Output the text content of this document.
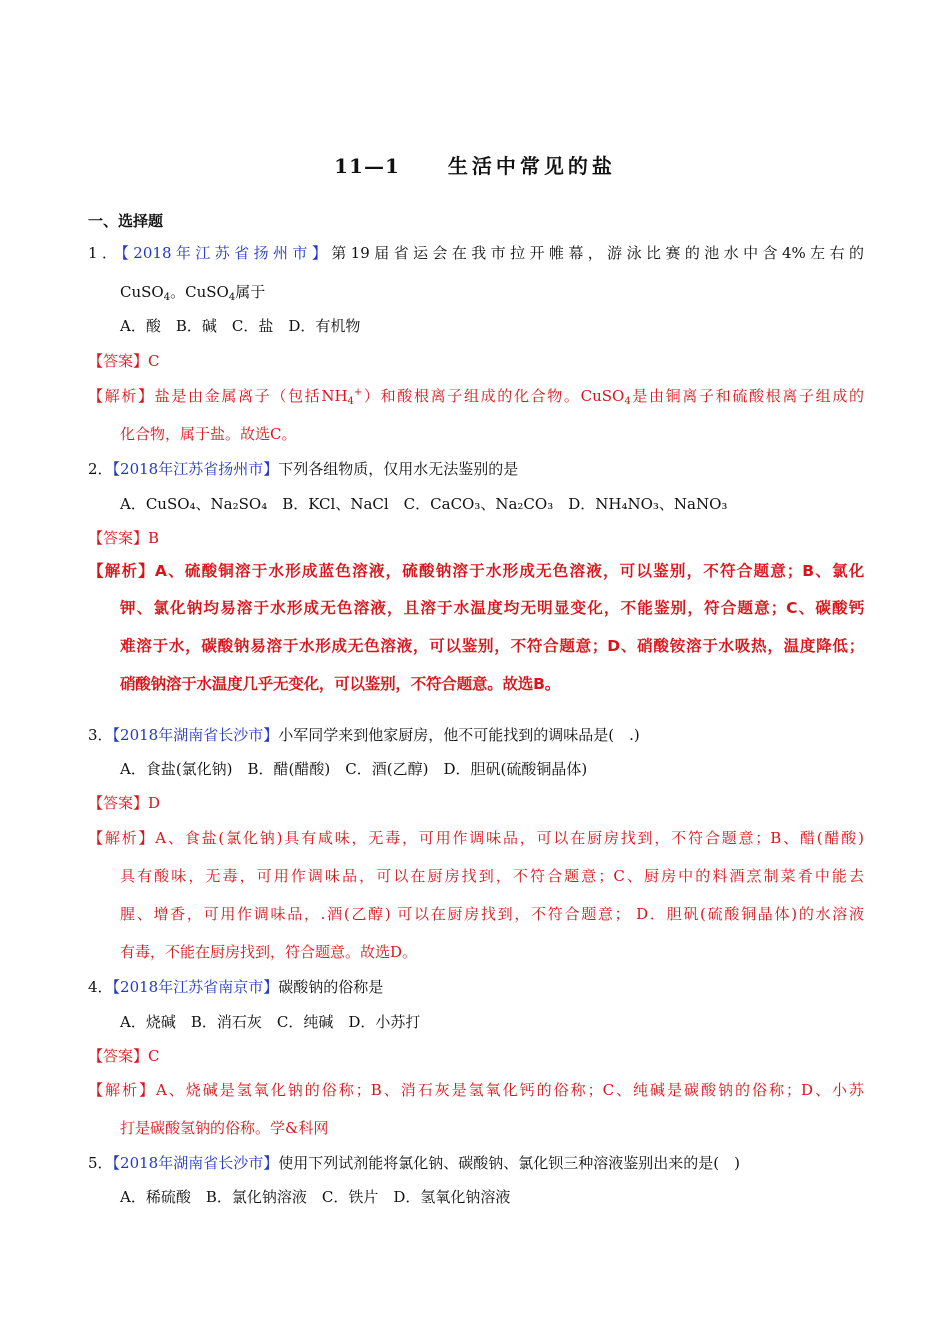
11—1 生活中常见的盐
一、选择题
1．【2018年江苏省扬州市】第19届省运会在我市拉开帷幕，游泳比赛的池水中含4%左右的
CuSO$_4$。CuSO$_4$属于
A．酸　B．碱　C．盐　D．有机物
【答案】C
【解析】盐是由金属离子（包括$NH_4^+$）和酸根离子组成的化合物。CuSO$_4$是由铜离子和硫酸根离子组成的
化合物，属于盐。故选C。
2．【2018年江苏省扬州市】下列各组物质，仅用水无法鉴别的是
A．CuSO₄、Na₂SO₄　B．KCl、NaCl　C．CaCO₃、Na₂CO₃　D．NH₄NO₃、NaNO₃
【答案】B
【解析】A、硫酸铜溶于水形成蓝色溶液，硫酸钠溶于水形成无色溶液，可以鉴别，不符合题意；B、氯化
钾、氯化钠均易溶于水形成无色溶液，且溶于水温度均无明显变化，不能鉴别，符合题意；C、碳酸钙
难溶于水，碳酸钠易溶于水形成无色溶液，可以鉴别，不符合题意；D、硝酸铵溶于水吸热，温度降低；
硝酸钠溶于水温度几乎无变化，可以鉴别，不符合题意。故选B。
3．【2018年湖南省长沙市】小军同学来到他家厨房，他不可能找到的调味品是(　.)
A．食盐(氯化钠)　B．醋(醋酸)　C．酒(乙醇)　D．胆矾(硫酸铜晶体)
【答案】D
【解析】A、食盐(氯化钠)具有咸味，无毒，可用作调味品，可以在厨房找到，不符合题意；B、醋(醋酸)
具有酸味，无毒，可用作调味品，可以在厨房找到，不符合题意；C、厨房中的料酒烹制菜肴中能去
腥、增香，可用作调味品，.酒(乙醇) 可以在厨房找到，不符合题意； D．胆矾(硫酸铜晶体)的水溶液
有毒，不能在厨房找到，符合题意。故选D。
4．【2018年江苏省南京市】碳酸钠的俗称是
A．烧碱　B．消石灰　C．纯碱　D．小苏打
【答案】C
【解析】A、烧碱是氢氧化钠的俗称；B、消石灰是氢氧化钙的俗称；C、纯碱是碳酸钠的俗称；D、小苏
打是碳酸氢钠的俗称。学&科网
5．【2018年湖南省长沙市】使用下列试剂能将氯化钠、碳酸钠、氯化钡三种溶液鉴别出来的是(　)
A．稀硫酸　B．氯化钠溶液　C．铁片　D．氢氧化钠溶液
